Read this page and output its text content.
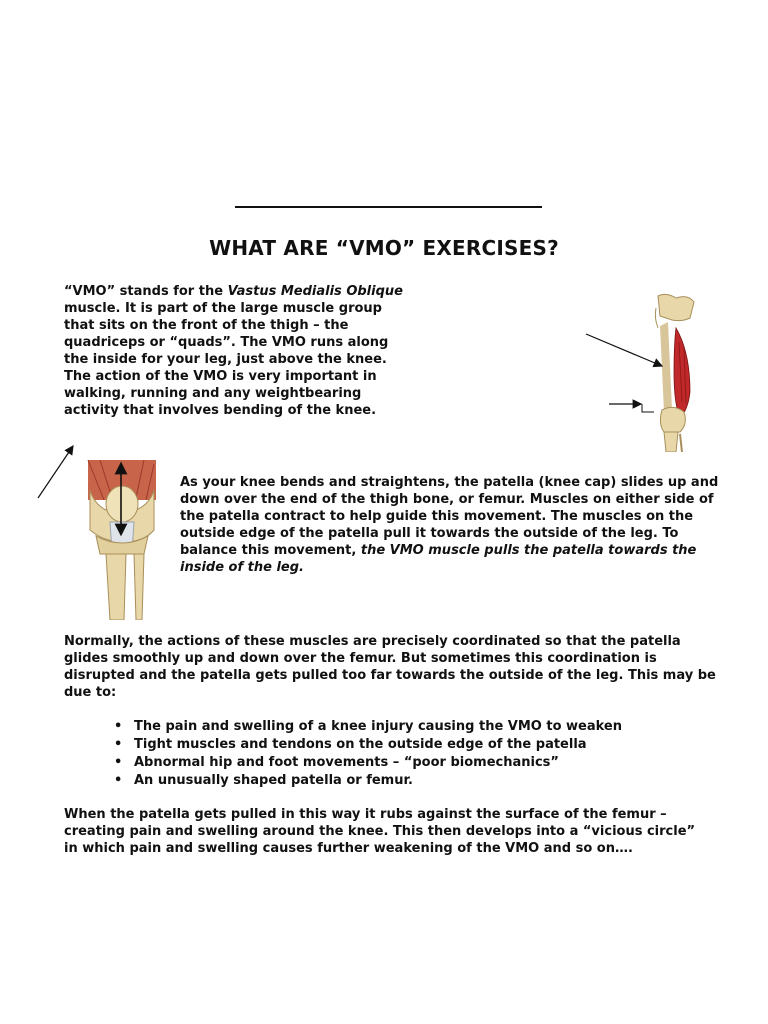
WHAT ARE “VMO” EXERCISES?
“VMO” stands for the Vastus Medialis Oblique muscle. It is part of the large muscle group that sits on the front of the thigh – the quadriceps or “quads”. The VMO runs along the inside for your leg, just above the knee. The action of the VMO is very important in walking, running and any weightbearing activity that involves bending of the knee.
As your knee bends and straightens, the patella (knee cap) slides up and down over the end of the thigh bone, or femur. Muscles on either side of the patella contract to help guide this movement. The muscles on the outside edge of the patella pull it towards the outside of the leg. To balance this movement, the VMO muscle pulls the patella towards the inside of the leg.
Normally, the actions of these muscles are precisely coordinated so that the patella glides smoothly up and down over the femur. But sometimes this coordination is disrupted and the patella gets pulled too far towards the outside of the leg. This may be due to:
• The pain and swelling of a knee injury causing the VMO to weaken
• Tight muscles and tendons on the outside edge of the patella
• Abnormal hip and foot movements – “poor biomechanics”
• An unusually shaped patella or femur.
When the patella gets pulled in this way it rubs against the surface of the femur – creating pain and swelling around the knee. This then develops into a “vicious circle” in which pain and swelling causes further weakening of the VMO and so on….
